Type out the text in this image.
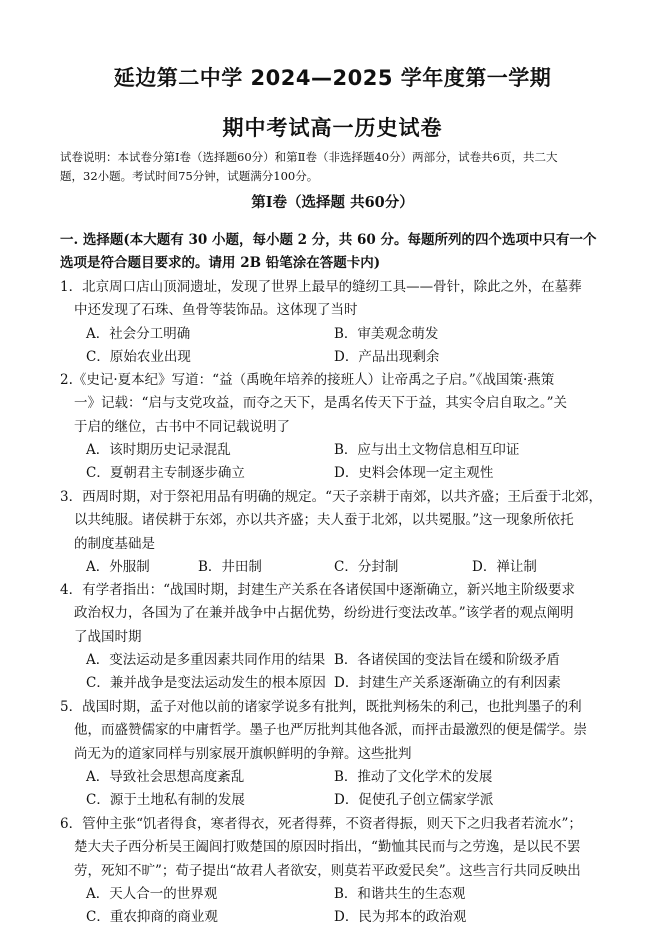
延边第二中学 2024—2025 学年度第一学期
期中考试高一历史试卷
试卷说明：本试卷分第Ⅰ卷（选择题60分）和第Ⅱ卷（非选择题40分）两部分，试卷共6页，共二大
题，32小题。考试时间75分钟，试题满分100分。
第Ⅰ卷（选择题 共60分）
一. 选择题(本大题有 30 小题，每小题 2 分，共 60 分。每题所列的四个选项中只有一个
选项是符合题目要求的。请用 2B 铅笔涂在答题卡内)
1．北京周口店山顶洞遗址，发现了世界上最早的缝纫工具——骨针，除此之外，在墓葬
中还发现了石珠、鱼骨等装饰品。这体现了当时
A．社会分工明确	B．审美观念萌发
C．原始农业出现	D．产品出现剩余
2.《史记·夏本纪》写道：“益（禹晚年培养的接班人）让帝禹之子启。”《战国策·燕策
一》记载：“启与支党攻益，而夺之天下，是禹名传天下于益，其实令启自取之。”关
于启的继位，古书中不同记载说明了
A．该时期历史记录混乱	B．应与出土文物信息相互印证
C．夏朝君主专制逐步确立	D．史料会体现一定主观性
3．西周时期，对于祭祀用品有明确的规定。“天子亲耕于南郊，以共齐盛；王后蚕于北郊，
以共纯服。诸侯耕于东郊，亦以共齐盛；夫人蚕于北郊，以共冕服。”这一现象所依托
的制度基础是
A．外服制	B．井田制	C．分封制	D．禅让制
4．有学者指出：“战国时期，封建生产关系在各诸侯国中逐渐确立，新兴地主阶级要求
政治权力，各国为了在兼并战争中占据优势，纷纷进行变法改革。”该学者的观点阐明
了战国时期
A．变法运动是多重因素共同作用的结果 B．各诸侯国的变法旨在缓和阶级矛盾
C．兼并战争是变法运动发生的根本原因 D．封建生产关系逐渐确立的有利因素
5．战国时期，孟子对他以前的诸家学说多有批判，既批判杨朱的利己，也批判墨子的利
他，而盛赞儒家的中庸哲学。墨子也严厉批判其他各派，而抨击最激烈的便是儒学。崇
尚无为的道家同样与别家展开旗帜鲜明的争辩。这些批判
A．导致社会思想高度紊乱	B．推动了文化学术的发展
C．源于土地私有制的发展	D．促使孔子创立儒家学派
6．管仲主张“饥者得食，寒者得衣，死者得葬，不资者得振，则天下之归我者若流水”；
楚大夫子西分析吴王阖闾打败楚国的原因时指出，“勤恤其民而与之劳逸，是以民不罢
劳，死知不旷”；荀子提出“故君人者欲安，则莫若平政爱民矣”。这些言行共同反映出
A．天人合一的世界观	B．和谐共生的生态观
C．重农抑商的商业观	D．民为邦本的政治观
